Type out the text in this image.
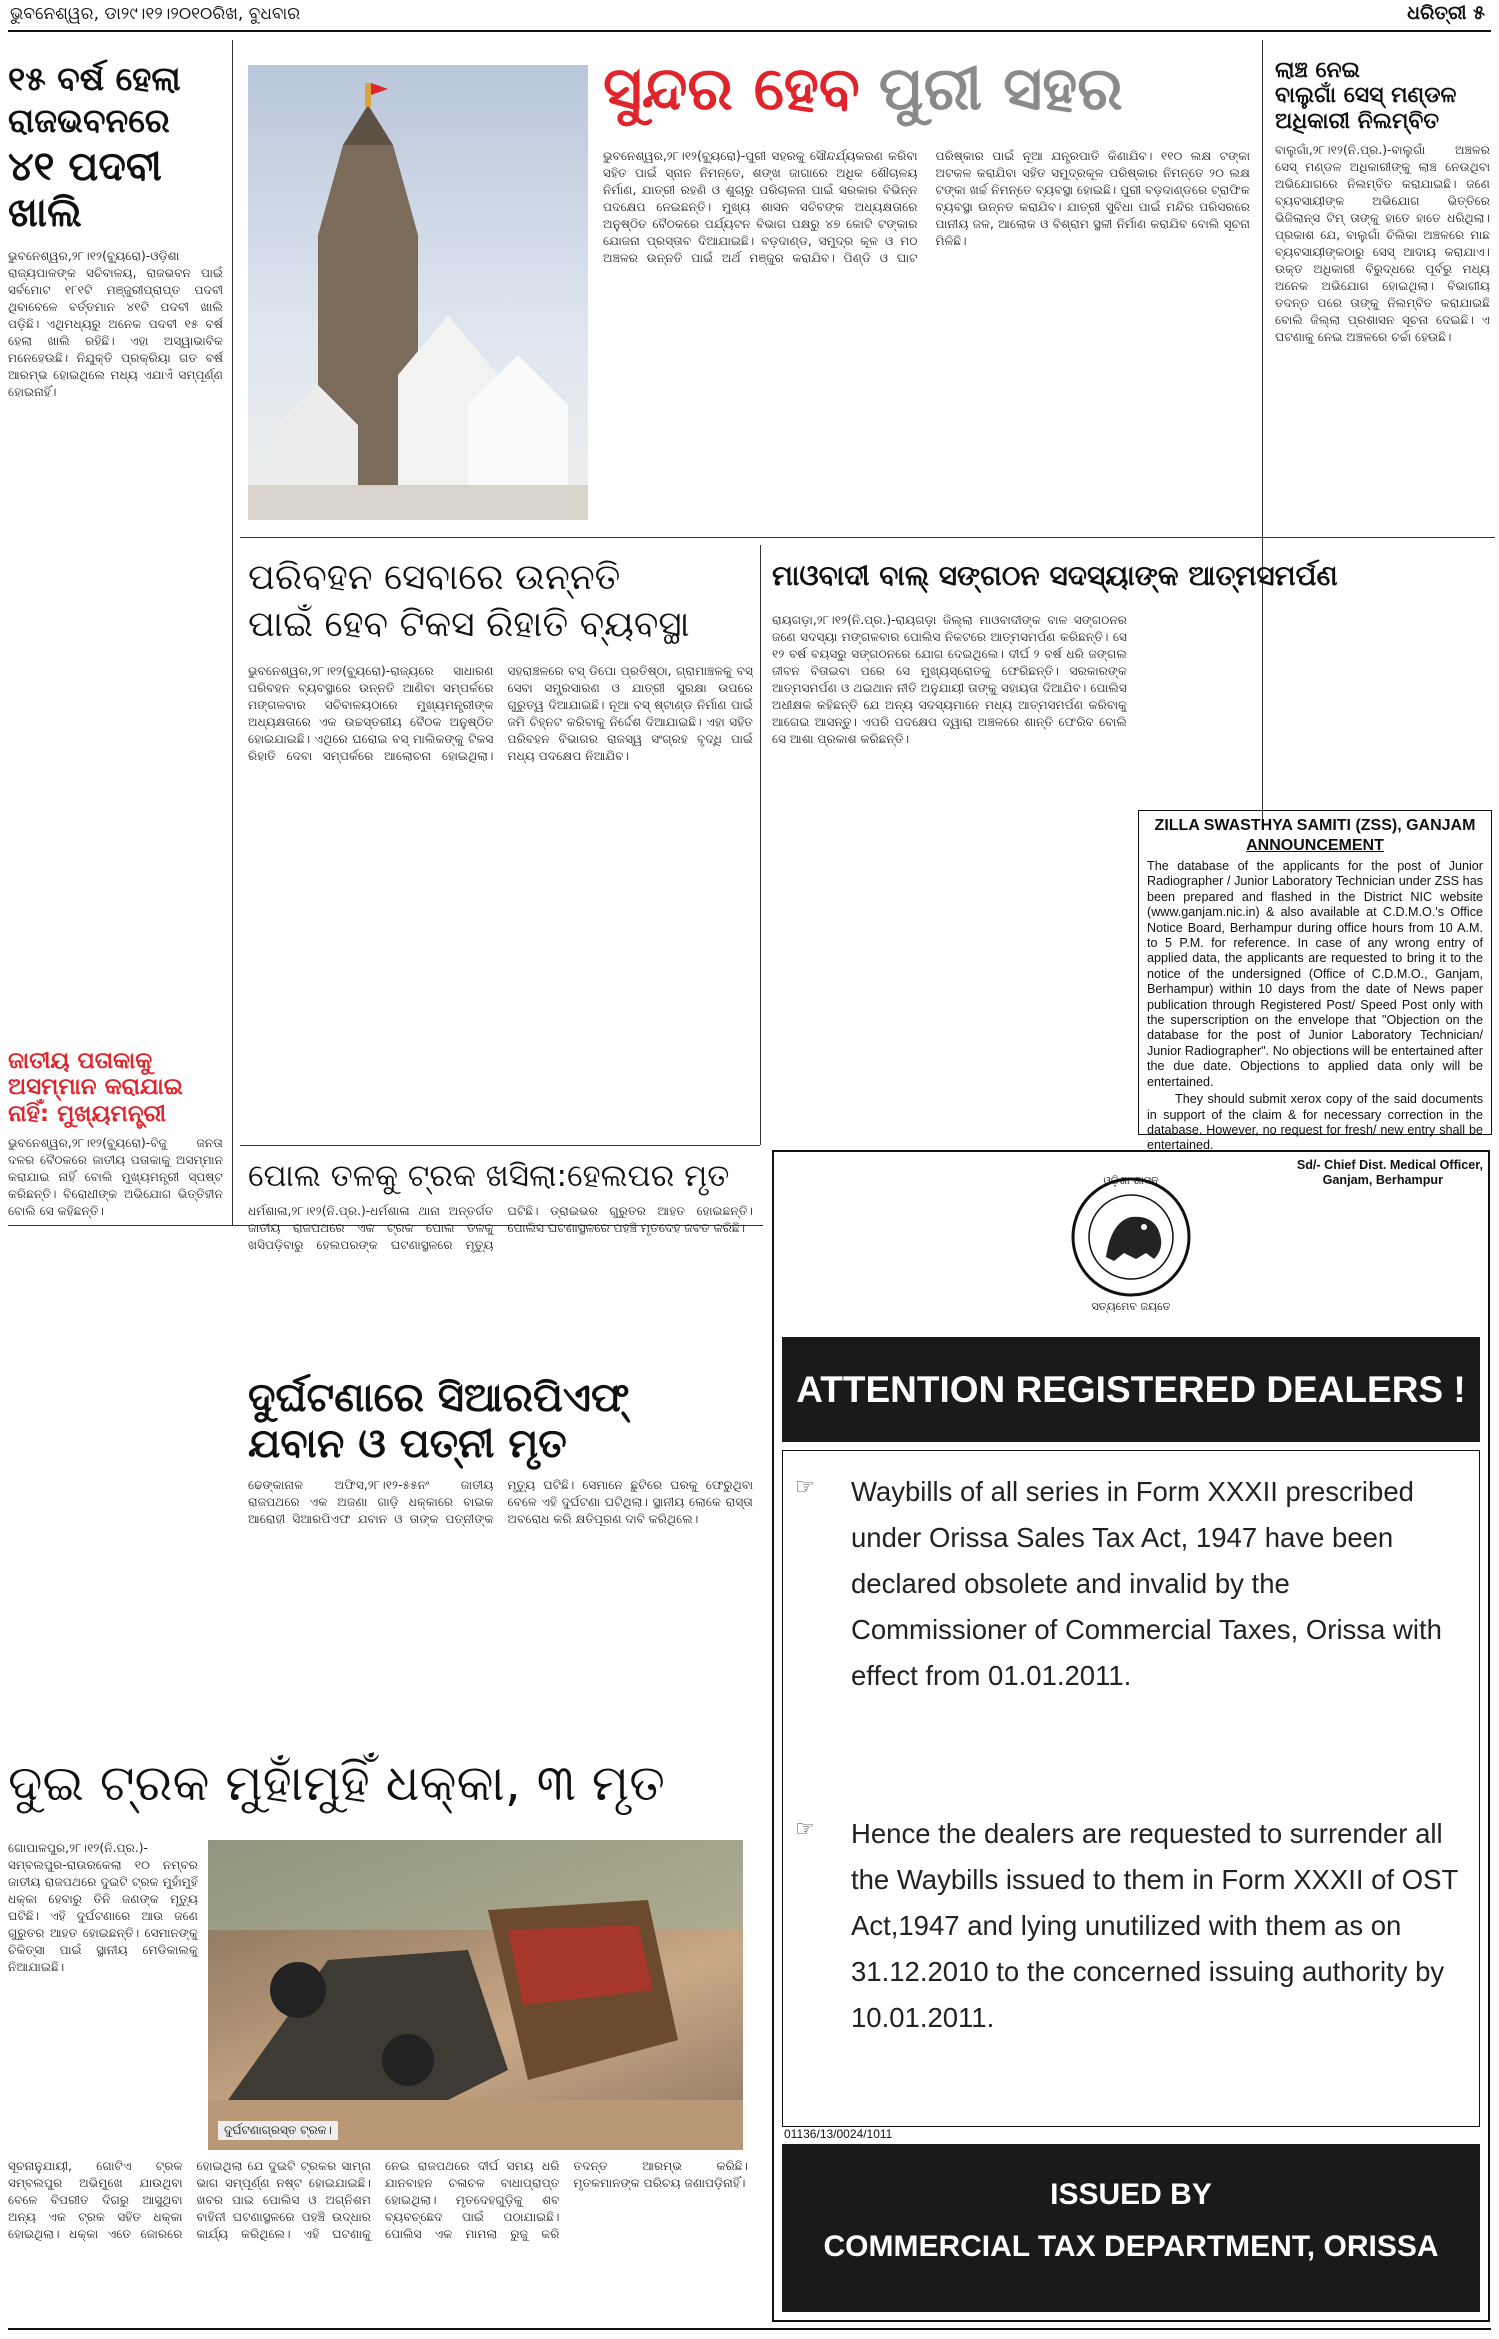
ଭୁବନେଶ୍ୱର, ଡା୨୯।୧୨।୨୦୧୦ରିଖ, ବୁଧବାର	ଧରିତ୍ରୀ ୫
୧୫ ବର୍ଷ ହେଲା
ରାଜଭବନରେ
୪୧ ପଦବୀ ଖାଲି
ଭୁବନେଶ୍ୱର,୨୮।୧୨(ବ୍ୟୁରୋ)-ଓଡ଼ିଶା ରାଜ୍ୟପାଳଙ୍କ ସଚିବାଳୟ, ରାଜଭବନ ପାଇଁ ସର୍ବମୋଟ ୧୮୧ଟି ମଞ୍ଜୁରୀପ୍ରାପ୍ତ ପଦବୀ ଥିବାବେଳେ ବର୍ତ୍ତମାନ ୪୧ଟି ପଦବୀ ଖାଲି ପଡ଼ିଛି। ଏଥିମଧ୍ୟରୁ ଅନେକ ପଦବୀ ୧୫ ବର୍ଷ ହେଲା ଖାଲି ରହିଛି। ଏହା ଅସ୍ୱାଭାବିକ ମନେହେଉଛି। ନିଯୁକ୍ତି ପ୍ରକ୍ରିୟା ଗତ ବର୍ଷ ଆରମ୍ଭ ହୋଇଥିଲେ ମଧ୍ୟ ଏଯାଏଁ ସମ୍ପୂର୍ଣ୍ଣ ହୋଇନାହିଁ।
ଜାତୀୟ ପତାକାକୁ
ଅସମ୍ମାନ କରାଯାଇ
ନାହିଁ: ମୁଖ୍ୟମନ୍ତ୍ରୀ
ଭୁବନେଶ୍ୱର,୨୮।୧୨(ବ୍ୟୁରୋ)-ବିଜୁ ଜନତା ଦଳର ବୈଠକରେ ଜାତୀୟ ପତାକାକୁ ଅସମ୍ମାନ କରାଯାଇ ନାହିଁ ବୋଲି ମୁଖ୍ୟମନ୍ତ୍ରୀ ସ୍ପଷ୍ଟ କରିଛନ୍ତି। ବିରୋଧୀଙ୍କ ଅଭିଯୋଗ ଭିତ୍ତିହୀନ ବୋଲି ସେ କହିଛନ୍ତି।
ସୁନ୍ଦର ହେବ ପୁରୀ ସହର
ଭୁବନେଶ୍ୱର,୨୮।୧୨(ବ୍ୟୁରୋ)-ପୁରୀ ସହରକୁ ସୌନ୍ଦର୍ଯ୍ୟକରଣ କରିବା ସହିତ ପାଇଁ ସ୍ନାନ ନିମନ୍ତେ, ଶଙ୍ଖ ଜାଗାରେ ଅଧିକ ଶୌଚାଳୟ ନିର୍ମାଣ, ଯାତ୍ରୀ ରହଣି ଓ ଶୁଚାରୁ ପରିଚାଳନା ପାଇଁ ସରକାର ବିଭିନ୍ନ ପଦକ୍ଷେପ ନେଇଛନ୍ତି। ମୁଖ୍ୟ ଶାସନ ସଚିବଙ୍କ ଅଧ୍ୟକ୍ଷତାରେ ଅନୁଷ୍ଠିତ ବୈଠକରେ ପର୍ଯ୍ୟଟନ ବିଭାଗ ପକ୍ଷରୁ ୪୭ କୋଟି ଟଙ୍କାର ଯୋଜନା ପ୍ରସ୍ତାବ ଦିଆଯାଇଛି। ବଡ଼ଦାଣ୍ଡ, ସମୁଦ୍ର କୂଳ ଓ ମଠ ଅଞ୍ଚଳର ଉନ୍ନତି ପାଇଁ ଅର୍ଥ ମଞ୍ଜୁର କରାଯିବ। ପିଣ୍ଡି ଓ ଘାଟ ପରିଷ୍କାର ପାଇଁ ନୂଆ ଯନ୍ତ୍ରପାତି କିଣାଯିବ। ୧୧୦ ଲକ୍ଷ ଟଙ୍କା ଅଟକଳ କରାଯିବା ସହିତ ସମୁଦ୍ରକୂଳ ପରିଷ୍କାର ନିମନ୍ତେ ୨୦ ଲକ୍ଷ ଟଙ୍କା ଖର୍ଚ୍ଚ ନିମନ୍ତେ ବ୍ୟବସ୍ଥା ହୋଇଛି। ପୁରୀ ବଡ଼ଦାଣ୍ଡରେ ଟ୍ରାଫିକ ବ୍ୟବସ୍ଥା ଉନ୍ନତ କରାଯିବ। ଯାତ୍ରୀ ସୁବିଧା ପାଇଁ ମନ୍ଦିର ପରିସରରେ ପାନୀୟ ଜଳ, ଆଲୋକ ଓ ବିଶ୍ରାମ ସ୍ଥଳୀ ନିର୍ମାଣ କରାଯିବ ବୋଲି ସୂଚନା ମିଳିଛି।
ଲାଞ୍ଚ ନେଇ
ବାଲୁଗାଁ ସେସ୍ ମଣ୍ଡଳ
ଅଧିକାରୀ ନିଲମ୍ବିତ
ବାଲୁଗାଁ,୨୮।୧୨(ନି.ପ୍ର.)-ବାଲୁଗାଁ ଅଞ୍ଚଳର ସେସ୍ ମଣ୍ଡଳ ଅଧିକାରୀଙ୍କୁ ଲାଞ୍ଚ ନେଉଥିବା ଅଭିଯୋଗରେ ନିଲମ୍ବିତ କରାଯାଇଛି। ଜଣେ ବ୍ୟବସାୟୀଙ୍କ ଅଭିଯୋଗ ଭିତ୍ତିରେ ଭିଜିଲାନ୍ସ ଟିମ୍ ତାଙ୍କୁ ହାତେ ହାତେ ଧରିଥିଲା। ପ୍ରକାଶ ଯେ, ବାଲୁଗାଁ ଚିଲିକା ଅଞ୍ଚଳରେ ମାଛ ବ୍ୟବସାୟୀଙ୍କଠାରୁ ସେସ୍ ଆଦାୟ କରାଯାଏ। ଉକ୍ତ ଅଧିକାରୀ ବିରୁଦ୍ଧରେ ପୂର୍ବରୁ ମଧ୍ୟ ଅନେକ ଅଭିଯୋଗ ହୋଇଥିଲା। ବିଭାଗୀୟ ତଦନ୍ତ ପରେ ତାଙ୍କୁ ନିଲମ୍ବିତ କରାଯାଇଛି ବୋଲି ଜିଲ୍ଲା ପ୍ରଶାସନ ସୂଚନା ଦେଇଛି। ଏ ଘଟଣାକୁ ନେଇ ଅଞ୍ଚଳରେ ଚର୍ଚ୍ଚା ହେଉଛି।
ପରିବହନ ସେବାରେ ଉନ୍ନତି
ପାଇଁ ହେବ ଟିକସ ରିହାତି ବ୍ୟବସ୍ଥା
ଭୁବନେଶ୍ୱର,୨୮।୧୨(ବ୍ୟୁରୋ)-ରାଜ୍ୟରେ ସାଧାରଣ ପରିବହନ ବ୍ୟବସ୍ଥାରେ ଉନ୍ନତି ଆଣିବା ସମ୍ପର୍କରେ ମଙ୍ଗଳବାର ସଚିବାଳୟଠାରେ ମୁଖ୍ୟମନ୍ତ୍ରୀଙ୍କ ଅଧ୍ୟକ୍ଷତାରେ ଏକ ଉଚ୍ଚସ୍ତରୀୟ ବୈଠକ ଅନୁଷ୍ଠିତ ହୋଇଯାଇଛି। ଏଥିରେ ଘରୋଇ ବସ୍ ମାଲିକଙ୍କୁ ଟିକସ ରିହାତି ଦେବା ସମ୍ପର୍କରେ ଆଲୋଚନା ହୋଇଥିଲା। ସହରାଞ୍ଚଳରେ ବସ୍ ଡିପୋ ପ୍ରତିଷ୍ଠା, ଗ୍ରାମାଞ୍ଚଳକୁ ବସ୍ ସେବା ସମ୍ପ୍ରସାରଣ ଓ ଯାତ୍ରୀ ସୁରକ୍ଷା ଉପରେ ଗୁରୁତ୍ୱ ଦିଆଯାଇଛି। ନୂଆ ବସ୍ ଷ୍ଟାଣ୍ଡ ନିର୍ମାଣ ପାଇଁ ଜମି ଚିହ୍ନଟ କରିବାକୁ ନିର୍ଦ୍ଦେଶ ଦିଆଯାଇଛି। ଏହା ସହିତ ପରିବହନ ବିଭାଗର ରାଜସ୍ୱ ସଂଗ୍ରହ ବୃଦ୍ଧି ପାଇଁ ମଧ୍ୟ ପଦକ୍ଷେପ ନିଆଯିବ।
ମାଓବାଦୀ ବାଲ୍ ସଙ୍ଗଠନ ସଦସ୍ୟାଙ୍କ ଆତ୍ମସମର୍ପଣ
ରାୟଗଡ଼ା,୨୮।୧୨(ନି.ପ୍ର.)-ରାୟଗଡ଼ା ଜିଲ୍ଲା ମାଓବାଦୀଙ୍କ ବାଳ ସଙ୍ଗଠନର ଜଣେ ସଦସ୍ୟା ମଙ୍ଗଳବାର ପୋଲିସ ନିକଟରେ ଆତ୍ମସମର୍ପଣ କରିଛନ୍ତି। ସେ ୧୨ ବର୍ଷ ବୟସରୁ ସଙ୍ଗଠନରେ ଯୋଗ ଦେଇଥିଲେ। ଦୀର୍ଘ ୨ ବର୍ଷ ଧରି ଜଙ୍ଗଲ ଜୀବନ ବିତାଇବା ପରେ ସେ ମୁଖ୍ୟସ୍ରୋତକୁ ଫେରିଛନ୍ତି। ସରକାରଙ୍କ ଆତ୍ମସମର୍ପଣ ଓ ଥଇଥାନ ନୀତି ଅନୁଯାୟୀ ତାଙ୍କୁ ସହାୟତା ଦିଆଯିବ। ପୋଲିସ ଅଧୀକ୍ଷକ କହିଛନ୍ତି ଯେ ଅନ୍ୟ ସଦସ୍ୟମାନେ ମଧ୍ୟ ଆତ୍ମସମର୍ପଣ କରିବାକୁ ଆଗେଇ ଆସନ୍ତୁ। ଏପରି ପଦକ୍ଷେପ ଦ୍ୱାରା ଅଞ୍ଚଳରେ ଶାନ୍ତି ଫେରିବ ବୋଲି ସେ ଆଶା ପ୍ରକାଶ କରିଛନ୍ତି।
ZILLA SWASTHYA SAMITI (ZSS), GANJAM
ANNOUNCEMENT
The database of the applicants for the post of Junior Radiographer / Junior Laboratory Technician under ZSS has been prepared and flashed in the District NIC website (www.ganjam.nic.in) & also available at C.D.M.O.'s Office Notice Board, Berhampur during office hours from 10 A.M. to 5 P.M. for reference. In case of any wrong entry of applied data, the applicants are requested to bring it to the notice of the undersigned (Office of C.D.M.O., Ganjam, Berhampur) within 10 days from the date of News paper publication through Registered Post/ Speed Post only with the superscription on the envelope that "Objection on the database for the post of Junior Laboratory Technician/ Junior Radiographer". No objections will be entertained after the due date. Objections to applied data only will be entertained.
They should submit xerox copy of the said documents in support of the claim & for necessary correction in the database. However, no request for fresh/ new entry shall be entertained.
Sd/- Chief Dist. Medical Officer,
Ganjam, Berhampur
ପୋଲ ତଳକୁ ଟ୍ରକ ଖସିଲା:ହେଲପର ମୃତ
ଧର୍ମଶାଳା,୨୮।୧୨(ନି.ପ୍ର.)-ଧର୍ମଶାଳା ଥାନା ଅନ୍ତର୍ଗତ ଜାତୀୟ ରାଜପଥରେ ଏକ ଟ୍ରକ ପୋଲ ତଳକୁ ଖସିପଡ଼ିବାରୁ ହେଲପରଙ୍କ ଘଟଣାସ୍ଥଳରେ ମୃତ୍ୟୁ ଘଟିଛି। ଡ୍ରାଇଭର ଗୁରୁତର ଆହତ ହୋଇଛନ୍ତି। ପୋଲିସ ଘଟଣାସ୍ଥଳରେ ପହଞ୍ଚି ମୃତଦେହ ଜବତ କରିଛି।
ଦୁର୍ଘଟଣାରେ ସିଆରପିଏଫ୍
ଯବାନ ଓ ପତ୍ନୀ ମୃତ
ଢେଙ୍କାନାଳ ଅଫିସ,୨୮।୧୨-୫୫ନଂ ଜାତୀୟ ରାଜପଥରେ ଏକ ଅଜଣା ଗାଡ଼ି ଧକ୍କାରେ ବାଇକ ଆରୋହୀ ସିଆରପିଏଫ ଯବାନ ଓ ତାଙ୍କ ପତ୍ନୀଙ୍କ ମୃତ୍ୟୁ ଘଟିଛି। ସେମାନେ ଛୁଟିରେ ଘରକୁ ଫେରୁଥିବା ବେଳେ ଏହି ଦୁର୍ଘଟଣା ଘଟିଥିଲା। ସ୍ଥାନୀୟ ଲୋକେ ରାସ୍ତା ଅବରୋଧ କରି କ୍ଷତିପୂରଣ ଦାବି କରିଥିଲେ।
ଦୁଇ ଟ୍ରକ ମୁହାଁମୁହିଁ ଧକ୍କା, ୩ ମୃତ
ଗୋପାଳପୁର,୨୮।୧୨(ନି.ପ୍ର.)-ସମ୍ବଲପୁର-ରାଉରକେଲା ୧୦ ନମ୍ବର ଜାତୀୟ ରାଜପଥରେ ଦୁଇଟି ଟ୍ରକ ମୁହାଁମୁହିଁ ଧକ୍କା ହେବାରୁ ତିନି ଜଣଙ୍କ ମୃତ୍ୟୁ ଘଟିଛି। ଏହି ଦୁର୍ଘଟଣାରେ ଆଉ ଜଣେ ଗୁରୁତର ଆହତ ହୋଇଛନ୍ତି। ସେମାନଙ୍କୁ ଚିକିତ୍ସା ପାଇଁ ସ୍ଥାନୀୟ ମେଡିକାଲକୁ ନିଆଯାଇଛି।
ଦୁର୍ଘଟଣାଗ୍ରସ୍ତ ଟ୍ରକ।
ସୂଚନାନୁଯାୟୀ, ଗୋଟିଏ ଟ୍ରକ ସମ୍ବଲପୁର ଅଭିମୁଖେ ଯାଉଥିବା ବେଳେ ବିପରୀତ ଦିଗରୁ ଆସୁଥିବା ଅନ୍ୟ ଏକ ଟ୍ରକ ସହିତ ଧକ୍କା ହୋଇଥିଲା। ଧକ୍କା ଏତେ ଜୋରରେ ହୋଇଥିଲା ଯେ ଦୁଇଟି ଟ୍ରକର ସାମ୍ନା ଭାଗ ସମ୍ପୂର୍ଣ୍ଣ ନଷ୍ଟ ହୋଇଯାଇଛି। ଖବର ପାଇ ପୋଲିସ ଓ ଅଗ୍ନିଶମ ବାହିନୀ ଘଟଣାସ୍ଥଳରେ ପହଞ୍ଚି ଉଦ୍ଧାର କାର୍ଯ୍ୟ କରିଥିଲେ। ଏହି ଘଟଣାକୁ ନେଇ ରାଜପଥରେ ଦୀର୍ଘ ସମୟ ଧରି ଯାନବାହନ ଚଳାଚଳ ବାଧାପ୍ରାପ୍ତ ହୋଇଥିଲା। ମୃତଦେହଗୁଡ଼ିକୁ ଶବ ବ୍ୟବଚ୍ଛେଦ ପାଇଁ ପଠାଯାଇଛି। ପୋଲିସ ଏକ ମାମଲା ରୁଜୁ କରି ତଦନ୍ତ ଆରମ୍ଭ କରିଛି। ମୃତକମାନଙ୍କ ପରିଚୟ ଜଣାପଡ଼ିନାହିଁ।
ଓଡ଼ିଶା ଶାସନ
ସତ୍ୟମେବ ଜୟତେ
ATTENTION REGISTERED DEALERS !
☞ Waybills of all series in Form XXXII prescribed under Orissa Sales Tax Act, 1947 have been declared obsolete and invalid by the Commissioner of Commercial Taxes, Orissa with effect from 01.01.2011.
☞ Hence the dealers are requested to surrender all the Waybills issued to them in Form XXXII of OST Act,1947 and lying unutilized with them as on 31.12.2010 to the concerned issuing authority by 10.01.2011.
01136/13/0024/1011
ISSUED BY
COMMERCIAL TAX DEPARTMENT, ORISSA
